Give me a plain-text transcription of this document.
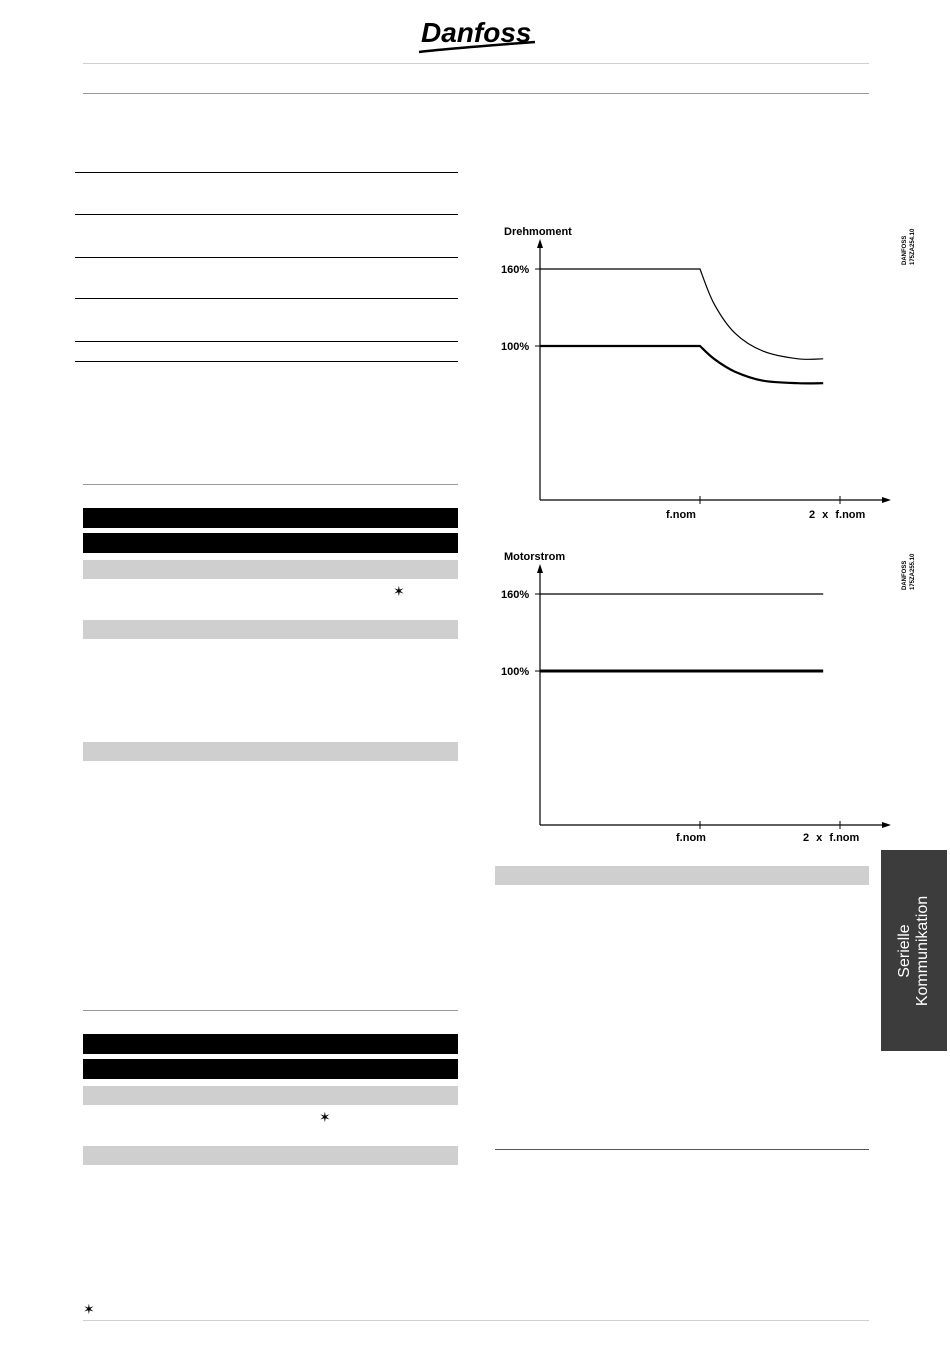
Danfoss
✶
✶
Drehmoment
160%
100%
f.nom	2 x f.nom
DANFOSS 175ZA254.10
Motorstrom
160%
100%
f.nom	2 x f.nom
DANFOSS 175ZA255.10
Serielle Kommunikation
✶
